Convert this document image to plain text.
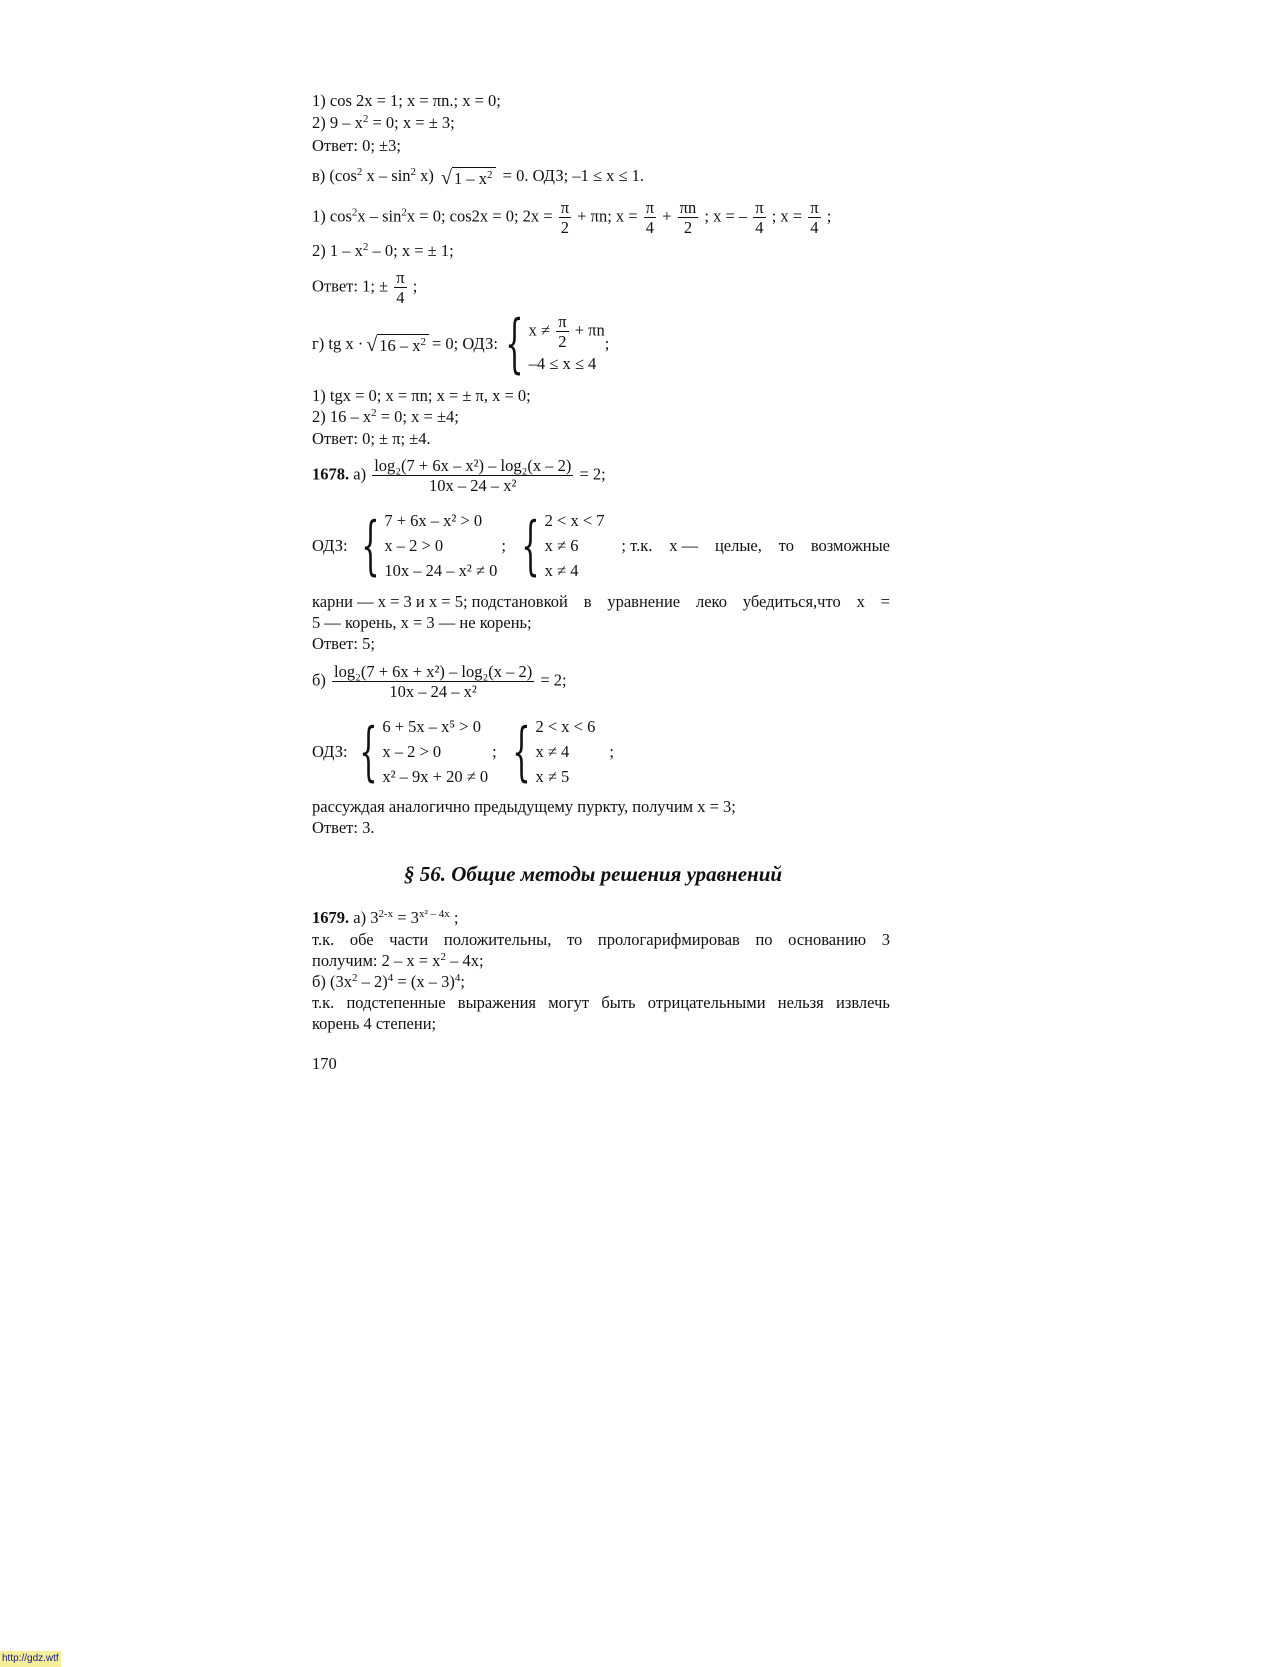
1) cos 2x = 1; x = πn.; x = 0;
2) $9 - x^2 = 0$; x = ± 3;
Ответ: 0; ±3;
в) ($\cos^2$ x – $\sin^2 x$) √ $1 - x^2 = 0$. ОДЗ; –1 ≤ x ≤ 1.
1) $\cos^2x - \sin^2x = 0$; cos2x = 0; $2x = \frac{\pi}{2} + \pi n$; $x = \frac{\pi}{4} + \frac{\pi n}{2}$ ; x = – $\frac{\pi}{4}$ ; $x = \frac{\pi}{4}$ ;
2) $1 - x^2 - 0$; x = ± 1;
Ответ: 1; ± $\frac{\pi}{4}$ ;
г) tg x · √ $16 - x^2 = 0$; ОДЗ: { $x \ne \frac{\pi}{2} + \pi n$
–4 ≤ x ≤ 4
;
1) tgx = 0; x = πn; x = ± π, x = 0;
2) $16 - x^2 = 0$; x = ±4;
Ответ: 0; ± π; ±4.
1678. $а) \frac{\text{log₂(7 + 6x – x²) – log₂(x – 2)}}{\text{10x – 24 – x²}} = 2$;
ОДЗ: { 7 + 6x – x² > 0
x – 2 > 0
10x – 24 – x² ≠ 0
; { 2 < x < 7
x ≠ 6
x ≠ 4
; т.к. x — целые, то возможные
карни — x = 3 и x = 5; подстановкой в уравнение леко убедиться,что x =
5 — корень, x = 3 — не корень;
Ответ: 5;
$б) \frac{\text{log₂(7 + 6x + x²) – log₂(x – 2)}}{\text{10x – 24 – x²}} = 2$;
ОДЗ: { 6 + 5x – x⁵ > 0
x – 2 > 0
x² – 9x + 20 ≠ 0
; { 2 < x < 6
x ≠ 4
x ≠ 5
;
рассуждая аналогично предыдущему пуркту, получим x = 3;
Ответ: 3.
§ 56. Общие методы решения уравнений
1679. а) $3^{2-x} = 3^{x^2 - 4x}$ ;
т.к. обе части положительны, то прологарифмировав по основанию 3
получим: $2 - x = x^2 - 4x$;
б) $(3x^2 - 2)^4 = (x - 3)^4$;
т.к. подстепенные выражения могут быть отрицательными нельзя извлечь
корень 4 степени;
170
http://gdz.wtf
